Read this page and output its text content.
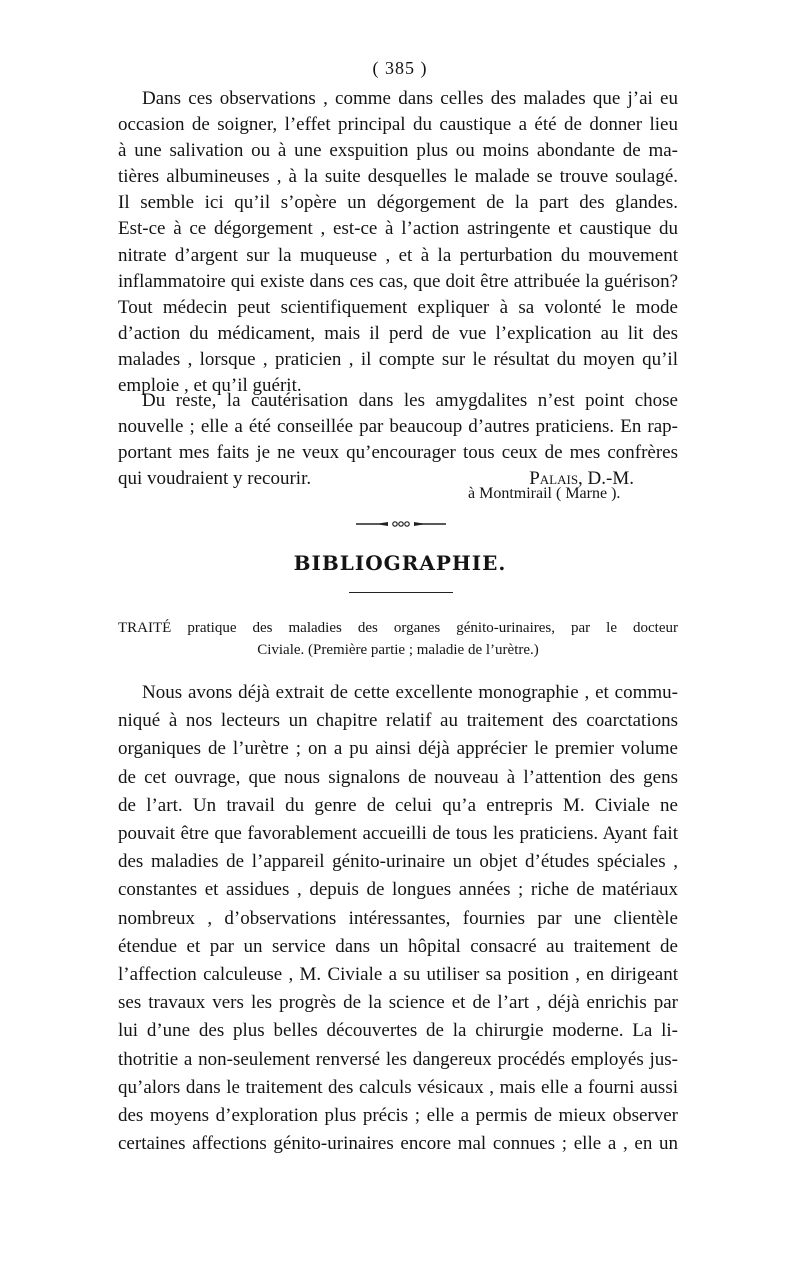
( 385 )
Dans ces observations , comme dans celles des malades que j’ai eu
occasion de soigner, l’effet principal du caustique a été de donner lieu
à une salivation ou à une exspuition plus ou moins abondante de ma-
tières albumineuses , à la suite desquelles le malade se trouve soulagé.
Il semble ici qu’il s’opère un dégorgement de la part des glandes.
Est-ce à ce dégorgement , est-ce à l’action astringente et caustique du
nitrate d’argent sur la muqueuse , et à la perturbation du mouvement
inflammatoire qui existe dans ces cas, que doit être attribuée la guérison?
Tout médecin peut scientifiquement expliquer à sa volonté le mode
d’action du médicament, mais il perd de vue l’explication au lit des
malades , lorsque , praticien , il compte sur le résultat du moyen qu’il
emploie , et qu’il guérit.
Du reste, la cautérisation dans les amygdalites n’est point chose
nouvelle ; elle a été conseillée par beaucoup d’autres praticiens. En rap-
portant mes faits je ne veux qu’encourager tous ceux de mes confrères
qui voudraient y recourir.	Palais, D.-M.
à Montmirail ( Marne ).
BIBLIOGRAPHIE.
TRAITÉ pratique des maladies des organes génito-urinaires, par le docteur
Civiale. (Première partie ; maladie de l’urètre.)
Nous avons déjà extrait de cette excellente monographie , et commu-
niqué à nos lecteurs un chapitre relatif au traitement des coarctations
organiques de l’urètre ; on a pu ainsi déjà apprécier le premier volume
de cet ouvrage, que nous signalons de nouveau à l’attention des gens
de l’art. Un travail du genre de celui qu’a entrepris M. Civiale ne
pouvait être que favorablement accueilli de tous les praticiens. Ayant fait
des maladies de l’appareil génito-urinaire un objet d’études spéciales ,
constantes et assidues , depuis de longues années ; riche de matériaux
nombreux , d’observations intéressantes, fournies par une clientèle
étendue et par un service dans un hôpital consacré au traitement de
l’affection calculeuse , M. Civiale a su utiliser sa position , en dirigeant
ses travaux vers les progrès de la science et de l’art , déjà enrichis par
lui d’une des plus belles découvertes de la chirurgie moderne. La li-
thotritie a non-seulement renversé les dangereux procédés employés jus-
qu’alors dans le traitement des calculs vésicaux , mais elle a fourni aussi
des moyens d’exploration plus précis ; elle a permis de mieux observer
certaines affections génito-urinaires encore mal connues ; elle a , en un
